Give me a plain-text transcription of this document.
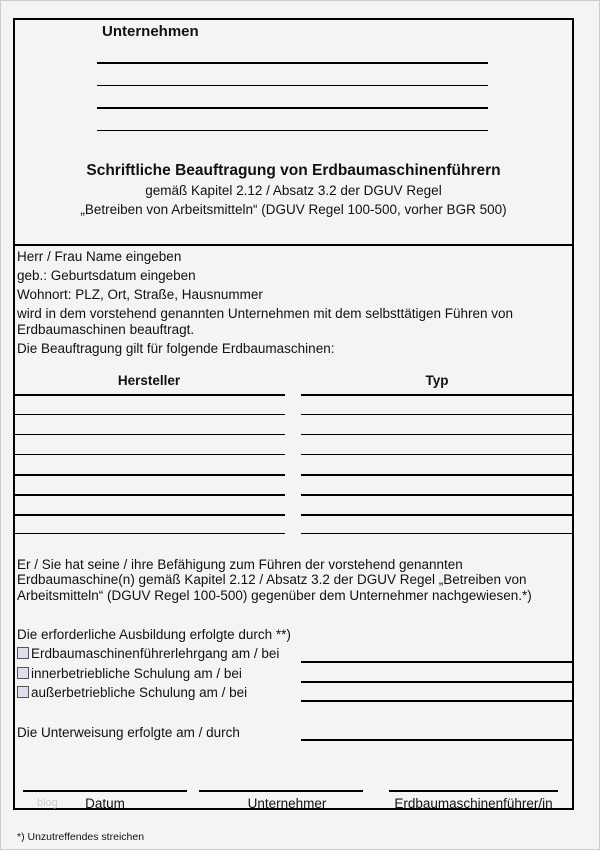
Unternehmen
Schriftliche Beauftragung von Erdbaumaschinenführern
gemäß Kapitel 2.12 / Absatz 3.2 der DGUV Regel
„Betreiben von Arbeitsmitteln“ (DGUV Regel 100-500, vorher BGR 500)
Herr / Frau Name eingeben
geb.: Geburtsdatum eingeben
Wohnort: PLZ, Ort, Straße, Hausnummer
wird in dem vorstehend genannten Unternehmen mit dem selbsttätigen Führen von
Erdbaumaschinen beauftragt.
Die Beauftragung gilt für folgende Erdbaumaschinen:
Hersteller	Typ
Er / Sie hat seine / ihre Befähigung zum Führen der vorstehend genannten
Erdbaumaschine(n) gemäß Kapitel 2.12 / Absatz 3.2 der DGUV Regel „Betreiben von
Arbeitsmitteln“ (DGUV Regel 100-500) gegenüber dem Unternehmer nachgewiesen.*)
Die erforderliche Ausbildung erfolgte durch **)
Erdbaumaschinenführerlehrgang am / bei
innerbetriebliche Schulung am / bei
außerbetriebliche Schulung am / bei
Die Unterweisung erfolgte am / durch
blog	Datum	Unternehmer	Erdbaumaschinenführer/in
*) Unzutreffendes streichen
